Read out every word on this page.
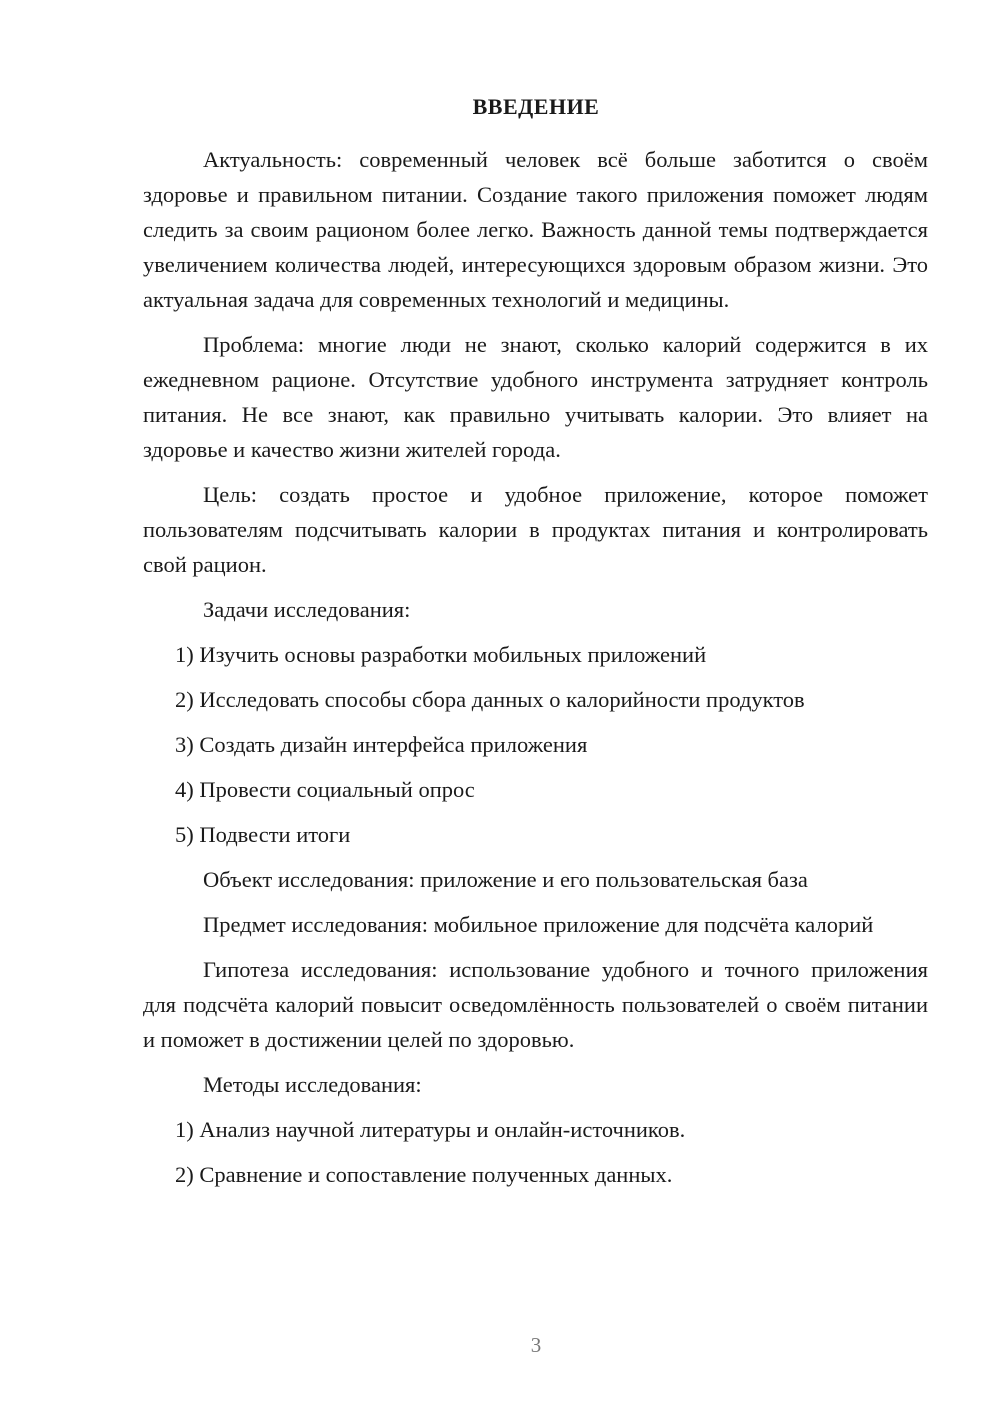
ВВЕДЕНИЕ

Актуальность: современный человек всё больше заботится о своём здоровье и правильном питании. Создание такого приложения поможет людям следить за своим рационом более легко. Важность данной темы подтверждается увеличением количества людей, интересующихся здоровым образом жизни. Это актуальная задача для современных технологий и медицины.

Проблема: многие люди не знают, сколько калорий содержится в их ежедневном рационе. Отсутствие удобного инструмента затрудняет контроль питания. Не все знают, как правильно учитывать калории. Это влияет на здоровье и качество жизни жителей города.

Цель: создать простое и удобное приложение, которое поможет пользователям подсчитывать калории в продуктах питания и контролировать свой рацион.

Задачи исследования:

1) Изучить основы разработки мобильных приложений

2) Исследовать способы сбора данных о калорийности продуктов

3) Создать дизайн интерфейса приложения

4) Провести социальный опрос

5) Подвести итоги

Объект исследования: приложение и его пользовательская база

Предмет исследования: мобильное приложение для подсчёта калорий

Гипотеза исследования: использование удобного и точного приложения для подсчёта калорий повысит осведомлённость пользователей о своём питании и поможет в достижении целей по здоровью.

Методы исследования:

1) Анализ научной литературы и онлайн-источников.

2) Сравнение и сопоставление полученных данных.

3
